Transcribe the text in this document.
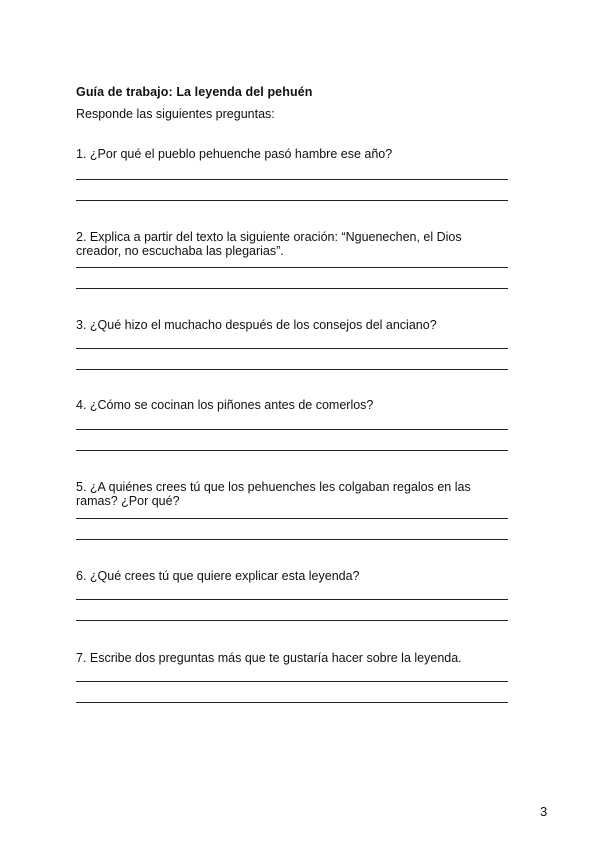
Guía de trabajo: La leyenda del pehuén
Responde las siguientes preguntas:

1. ¿Por qué el pueblo pehuenche pasó hambre ese año?

2. Explica a partir del texto la siguiente oración: “Nguenechen, el Dios creador, no escuchaba las plegarias”.

3. ¿Qué hizo el muchacho después de los consejos del anciano?

4. ¿Cómo se cocinan los piñones antes de comerlos?

5. ¿A quiénes crees tú que los pehuenches les colgaban regalos en las ramas? ¿Por qué?

6. ¿Qué crees tú que quiere explicar esta leyenda?

7. Escribe dos preguntas más que te gustaría hacer sobre la leyenda.

3
